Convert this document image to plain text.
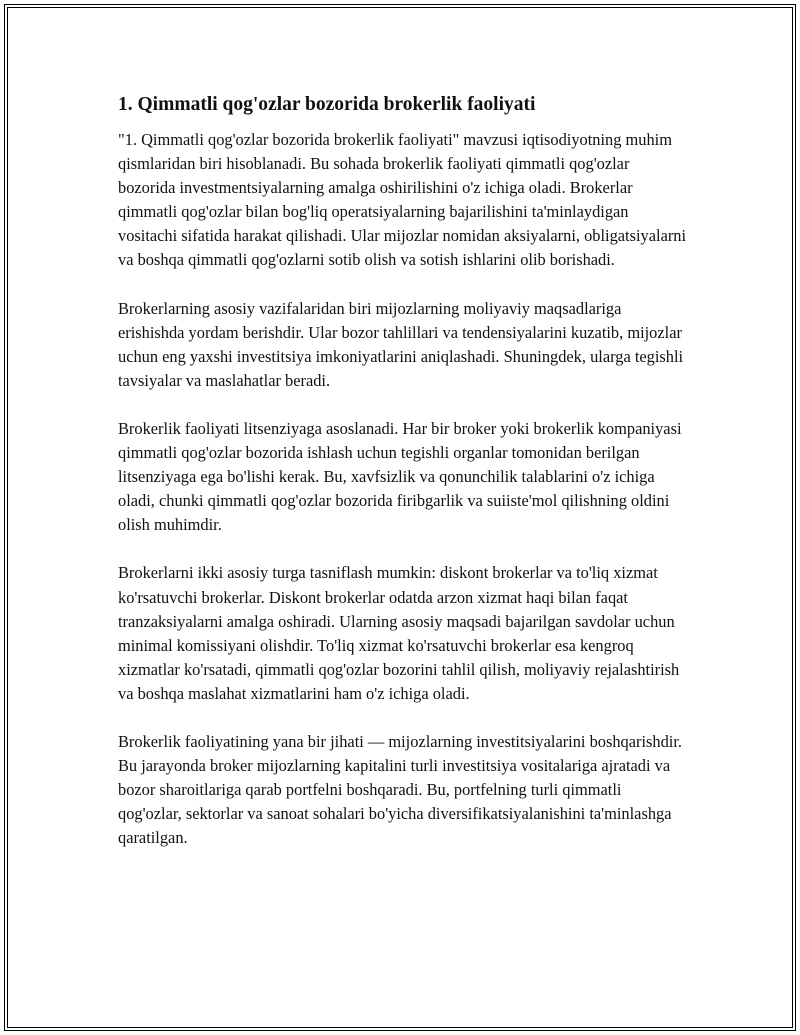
1. Qimmatli qog'ozlar bozorida brokerlik faoliyati

"1. Qimmatli qog'ozlar bozorida brokerlik faoliyati" mavzusi iqtisodiyotning muhim qismlaridan biri hisoblanadi. Bu sohada brokerlik faoliyati qimmatli qog'ozlar bozorida investmentsiyalarning amalga oshirilishini o'z ichiga oladi. Brokerlar qimmatli qog'ozlar bilan bog'liq operatsiyalarning bajarilishini ta'minlaydigan vositachi sifatida harakat qilishadi. Ular mijozlar nomidan aksiyalarni, obligatsiyalarni va boshqa qimmatli qog'ozlarni sotib olish va sotish ishlarini olib borishadi.

Brokerlarning asosiy vazifalaridan biri mijozlarning moliyaviy maqsadlariga erishishda yordam berishdir. Ular bozor tahlillari va tendensiyalarini kuzatib, mijozlar uchun eng yaxshi investitsiya imkoniyatlarini aniqlashadi. Shuningdek, ularga tegishli tavsiyalar va maslahatlar beradi.

Brokerlik faoliyati litsenziyaga asoslanadi. Har bir broker yoki brokerlik kompaniyasi qimmatli qog'ozlar bozorida ishlash uchun tegishli organlar tomonidan berilgan litsenziyaga ega bo'lishi kerak. Bu, xavfsizlik va qonunchilik talablarini o'z ichiga oladi, chunki qimmatli qog'ozlar bozorida firibgarlik va suiiste'mol qilishning oldini olish muhimdir.

Brokerlarni ikki asosiy turga tasniflash mumkin: diskont brokerlar va to'liq xizmat ko'rsatuvchi brokerlar. Diskont brokerlar odatda arzon xizmat haqi bilan faqat tranzaksiyalarni amalga oshiradi. Ularning asosiy maqsadi bajarilgan savdolar uchun minimal komissiyani olishdir. To'liq xizmat ko'rsatuvchi brokerlar esa kengroq xizmatlar ko'rsatadi, qimmatli qog'ozlar bozorini tahlil qilish, moliyaviy rejalashtirish va boshqa maslahat xizmatlarini ham o'z ichiga oladi.

Brokerlik faoliyatining yana bir jihati — mijozlarning investitsiyalarini boshqarishdir. Bu jarayonda broker mijozlarning kapitalini turli investitsiya vositalariga ajratadi va bozor sharoitlariga qarab portfelni boshqaradi. Bu, portfelning turli qimmatli qog'ozlar, sektorlar va sanoat sohalari bo'yicha diversifikatsiyalanishini ta'minlashga qaratilgan.
